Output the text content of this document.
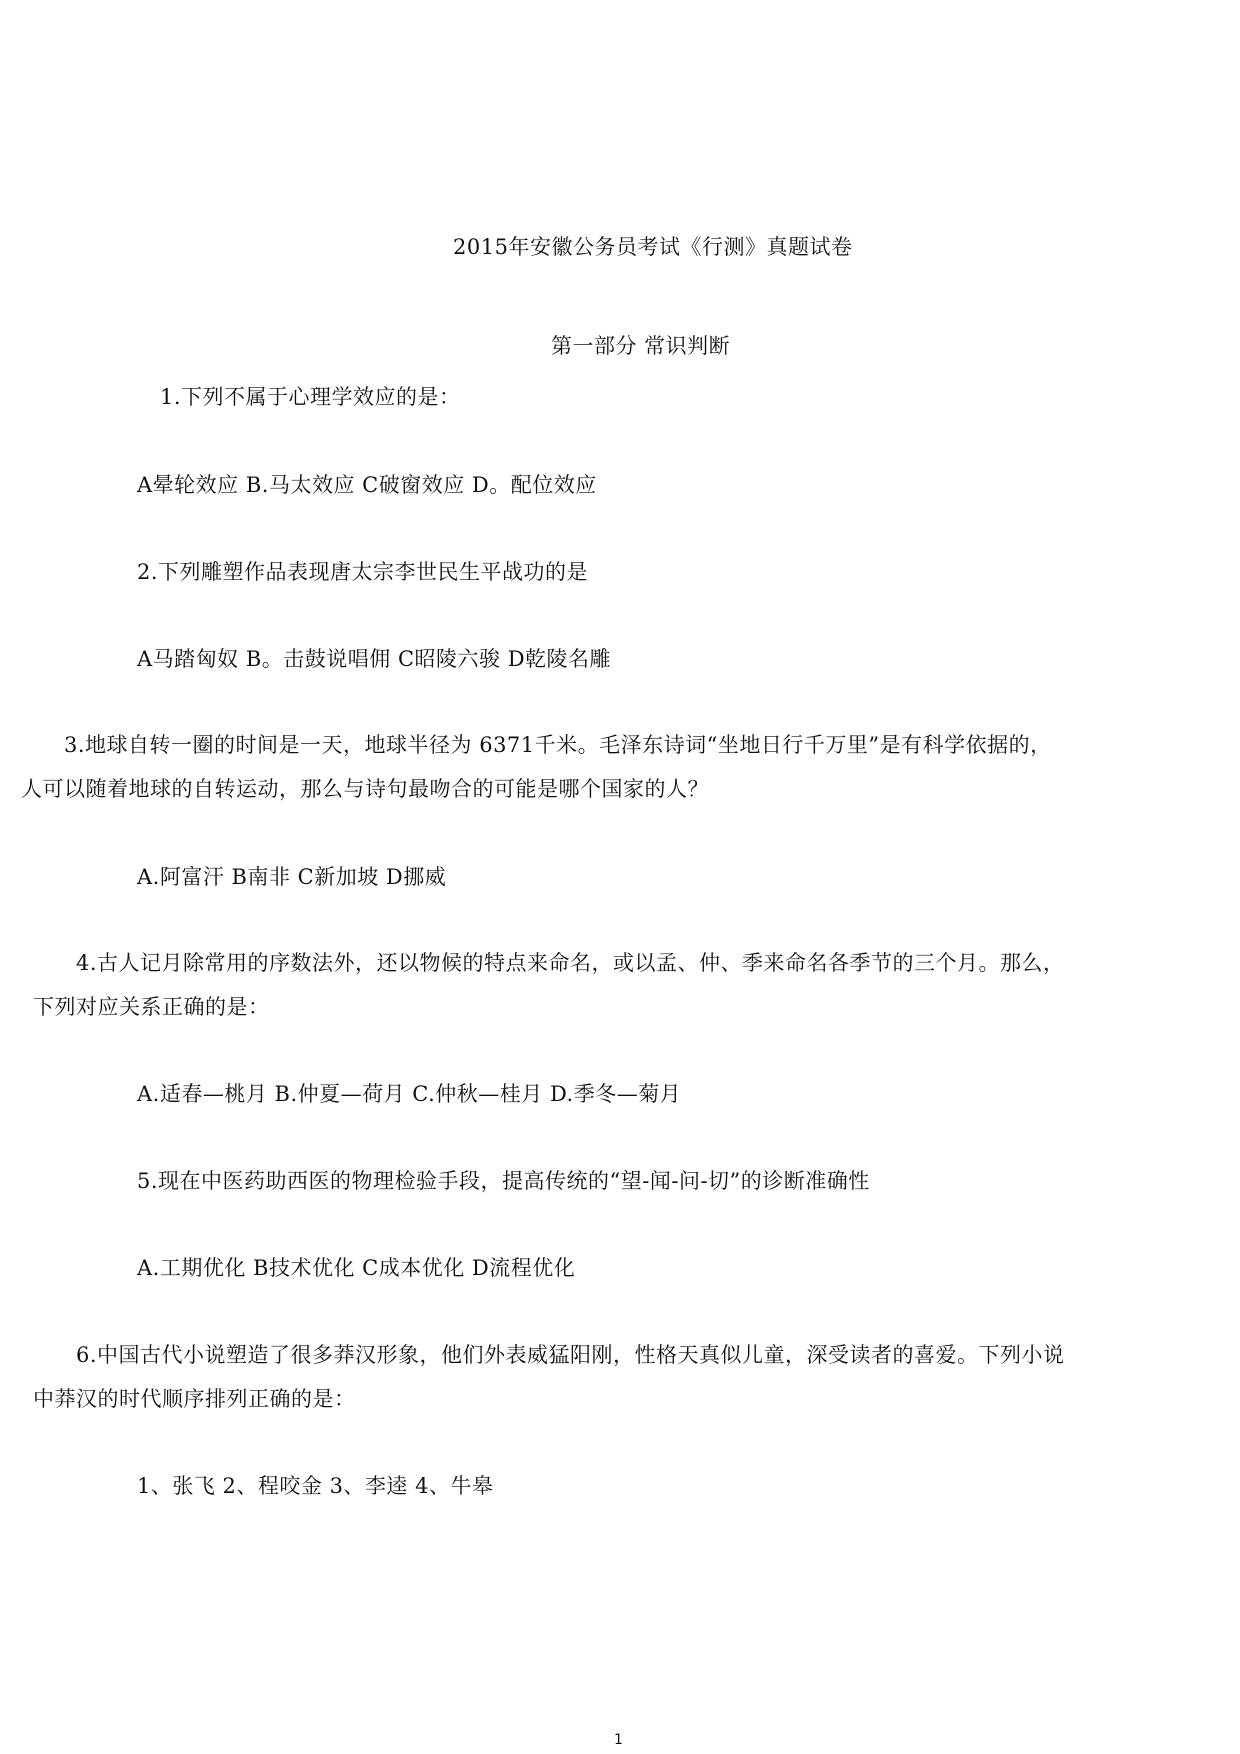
2015年安徽公务员考试《行测》真题试卷
第一部分 常识判断
1.下列不属于心理学效应的是：
A晕轮效应 B.马太效应 C破窗效应 D。配位效应
2.下列雕塑作品表现唐太宗李世民生平战功的是
A马踏匈奴 B。击鼓说唱佣 C昭陵六骏 D乾陵名雕
3.地球自转一圈的时间是一天，地球半径为 6371千米。毛泽东诗词“坐地日行千万里”是有科学依据的，
人可以随着地球的自转运动，那么与诗句最吻合的可能是哪个国家的人？
A.阿富汗 B南非 C新加坡 D挪威
4.古人记月除常用的序数法外，还以物候的特点来命名，或以孟、仲、季来命名各季节的三个月。那么，
下列对应关系正确的是：
A.适春—桃月 B.仲夏—荷月 C.仲秋—桂月 D.季冬—菊月
5.现在中医药助西医的物理检验手段，提高传统的“望-闻-问-切”的诊断准确性
A.工期优化 B技术优化 C成本优化 D流程优化
6.中国古代小说塑造了很多莽汉形象，他们外表威猛阳刚，性格天真似儿童，深受读者的喜爱。下列小说
中莽汉的时代顺序排列正确的是：
1、张飞 2、程咬金 3、李逵 4、牛皋
1
